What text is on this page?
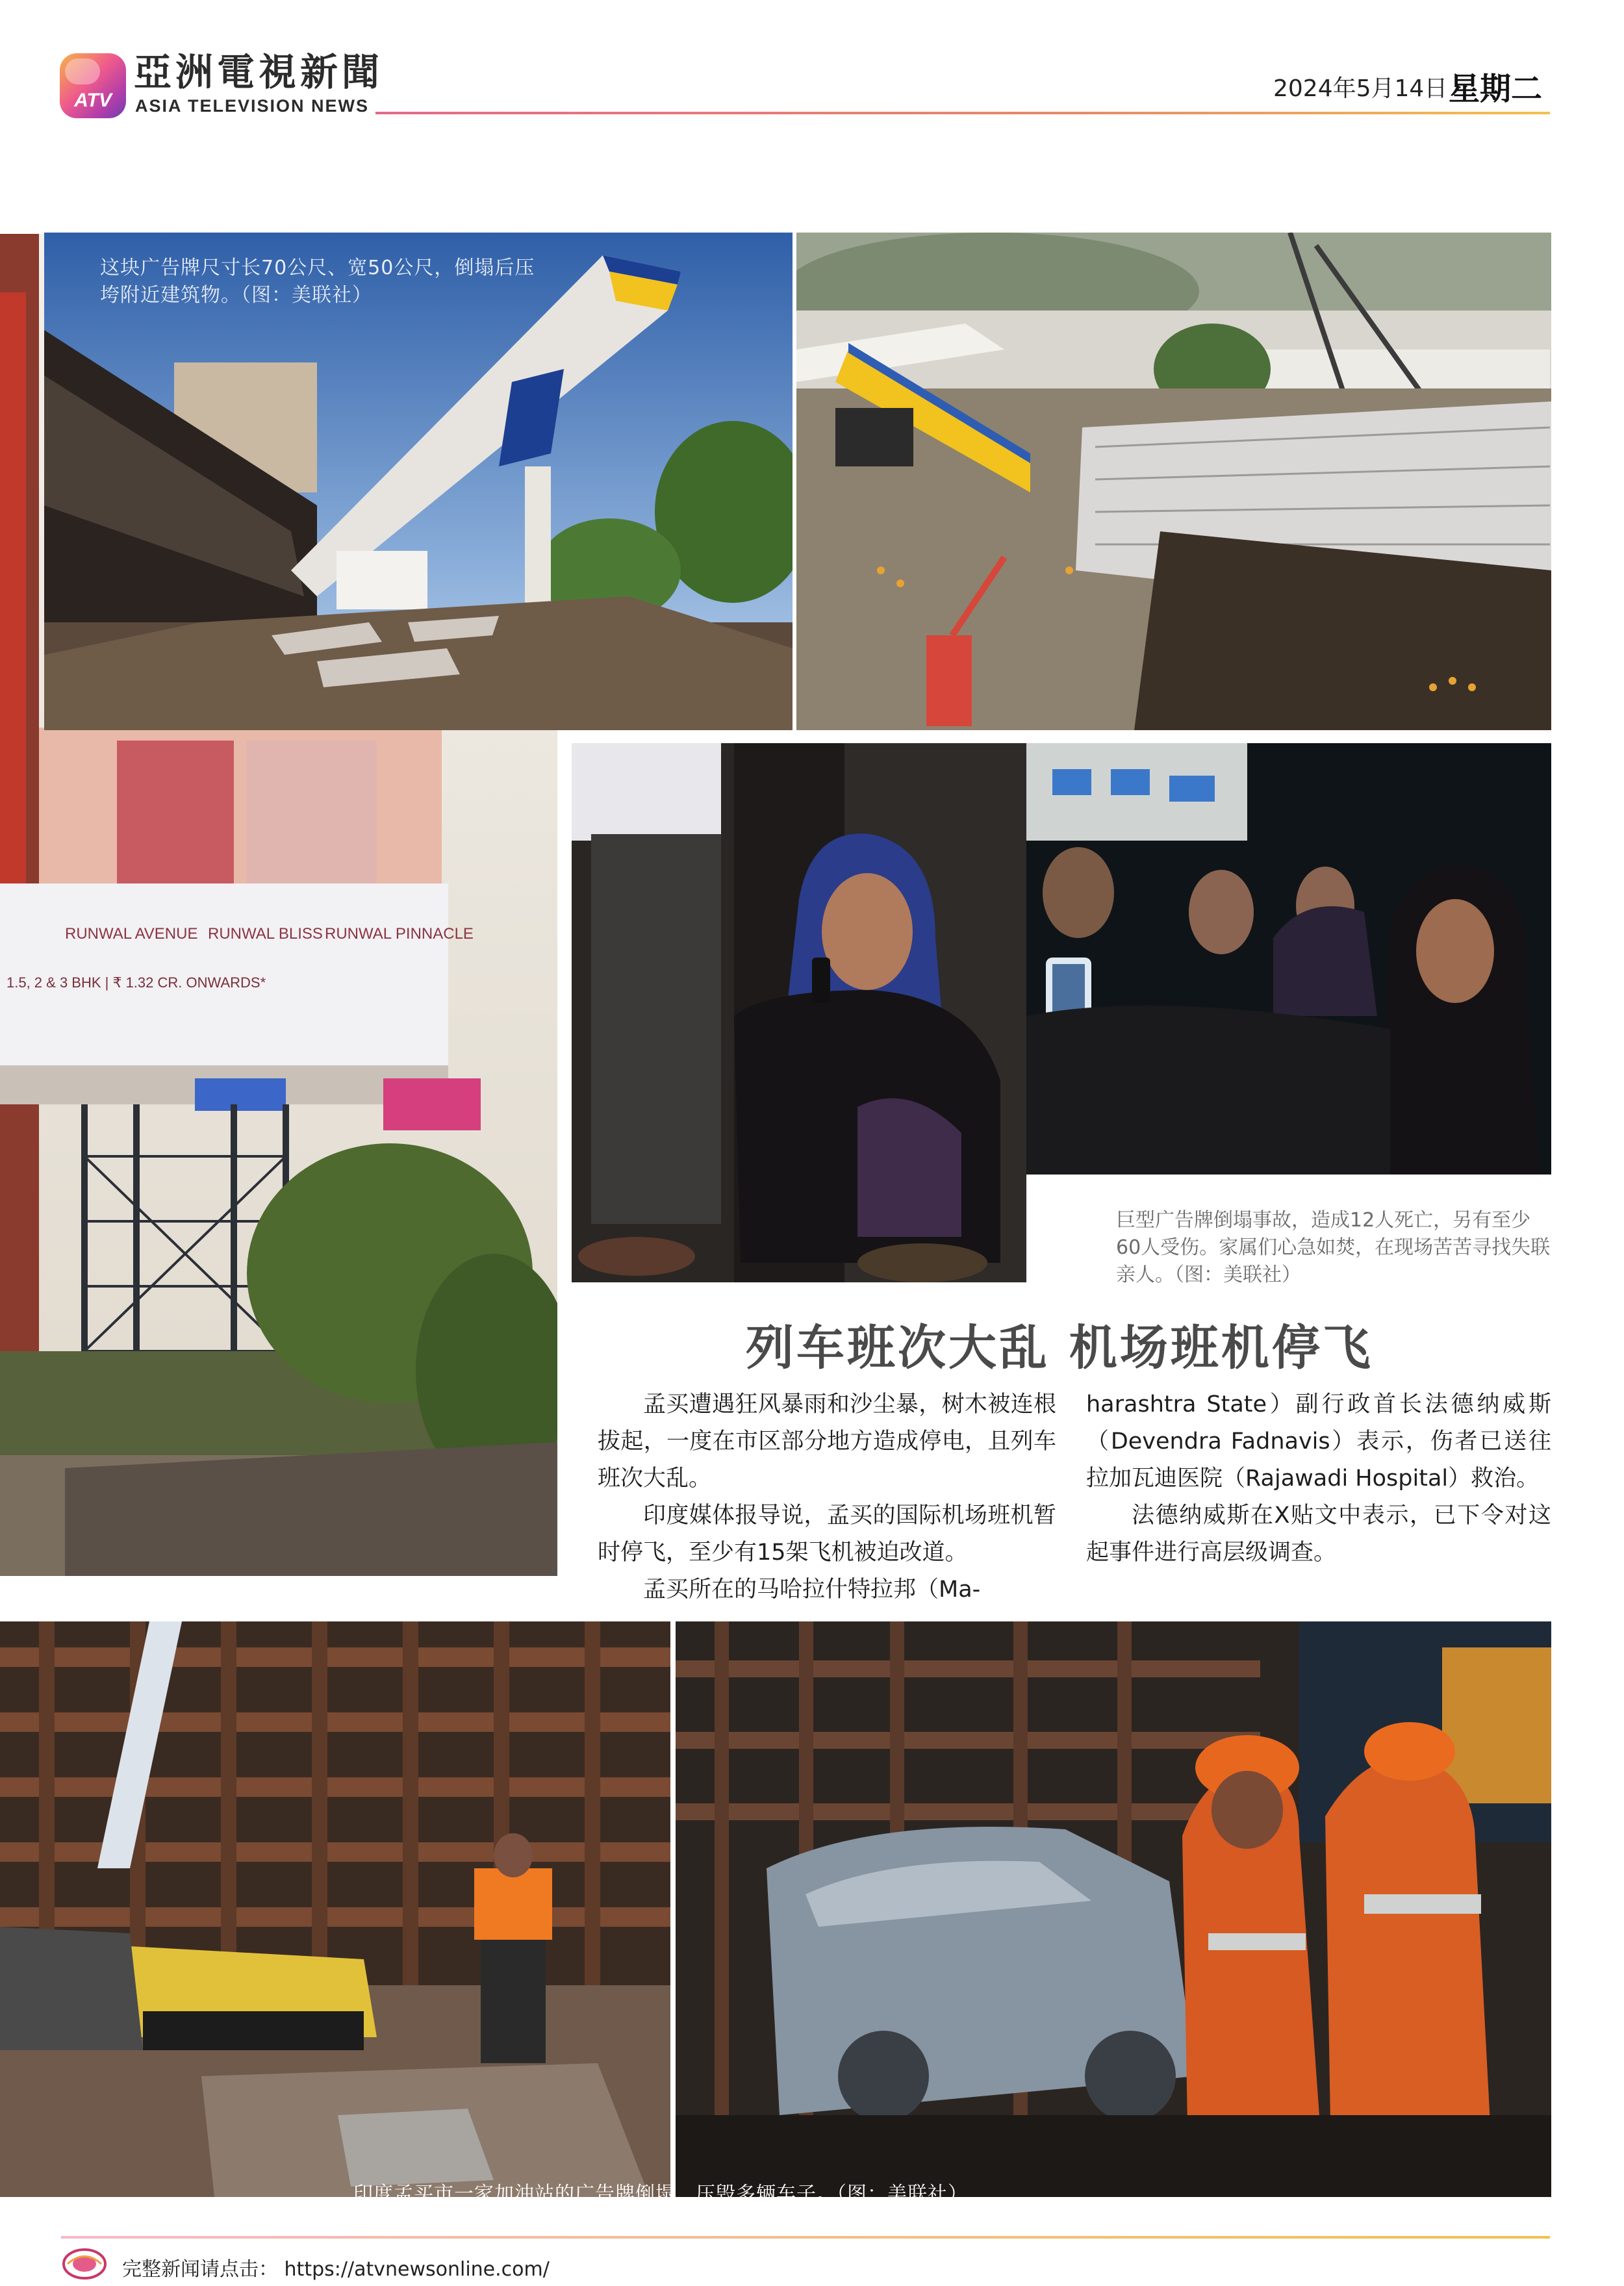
ATV
亞洲電視新聞
ASIA TELEVISION NEWS
2024年5月14日 星期二
RUNWAL AVENUE RUNWAL BLISS RUNWAL PINNACLE
1.5, 2 & 3 BHK | ₹ 1.32 CR. ONWARDS*
这块广告牌尺寸长70公尺、宽50公尺，倒塌后压垮附近建筑物。（图：美联社）
巨型广告牌倒塌事故，造成12人死亡，另有至少60人受伤。家属们心急如焚，在现场苦苦寻找失联亲人。（图：美联社）
列车班次大乱 机场班机停飞

孟买遭遇狂风暴雨和沙尘暴，树木被连根拔起，一度在市区部分地方造成停电，且列车班次大乱。

印度媒体报导说，孟买的国际机场班机暂时停飞，至少有15架飞机被迫改道。

孟买所在的马哈拉什特拉邦（Ma-

harashtra State）副行政首长法德纳威斯（Devendra Fadnavis）表示，伤者已送往拉加瓦迪医院（Rajawadi Hospital）救治。

法德纳威斯在X贴文中表示，已下令对这起事件进行高层级调查。

印度孟买市一家加油站的广告牌倒塌，压毁多辆车子。（图：美联社）
完整新闻请点击： https://atvnewsonline.com/
